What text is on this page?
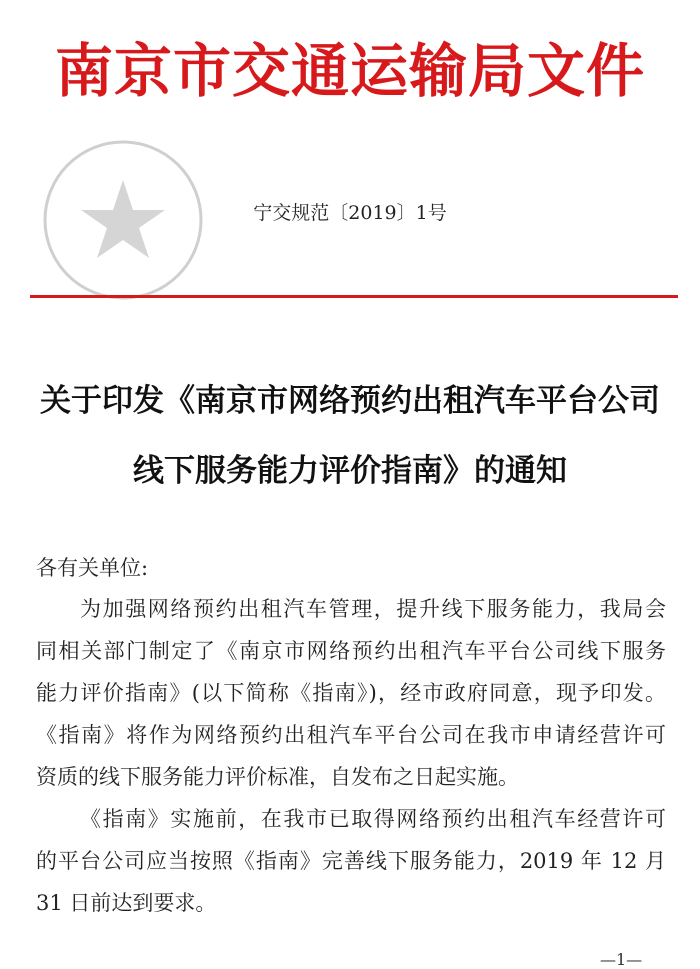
南京市交通运输局文件
宁交规范〔2019〕1号
关于印发《南京市网络预约出租汽车平台公司
线下服务能力评价指南》的通知
各有关单位:
为加强网络预约出租汽车管理，提升线下服务能力，我局会
同相关部门制定了《南京市网络预约出租汽车平台公司线下服务
能力评价指南》(以下简称《指南》)，经市政府同意，现予印发。
《指南》将作为网络预约出租汽车平台公司在我市申请经营许可
资质的线下服务能力评价标准，自发布之日起实施。
《指南》实施前，在我市已取得网络预约出租汽车经营许可
的平台公司应当按照《指南》完善线下服务能力，2019 年 12 月
31 日前达到要求。
—1—
